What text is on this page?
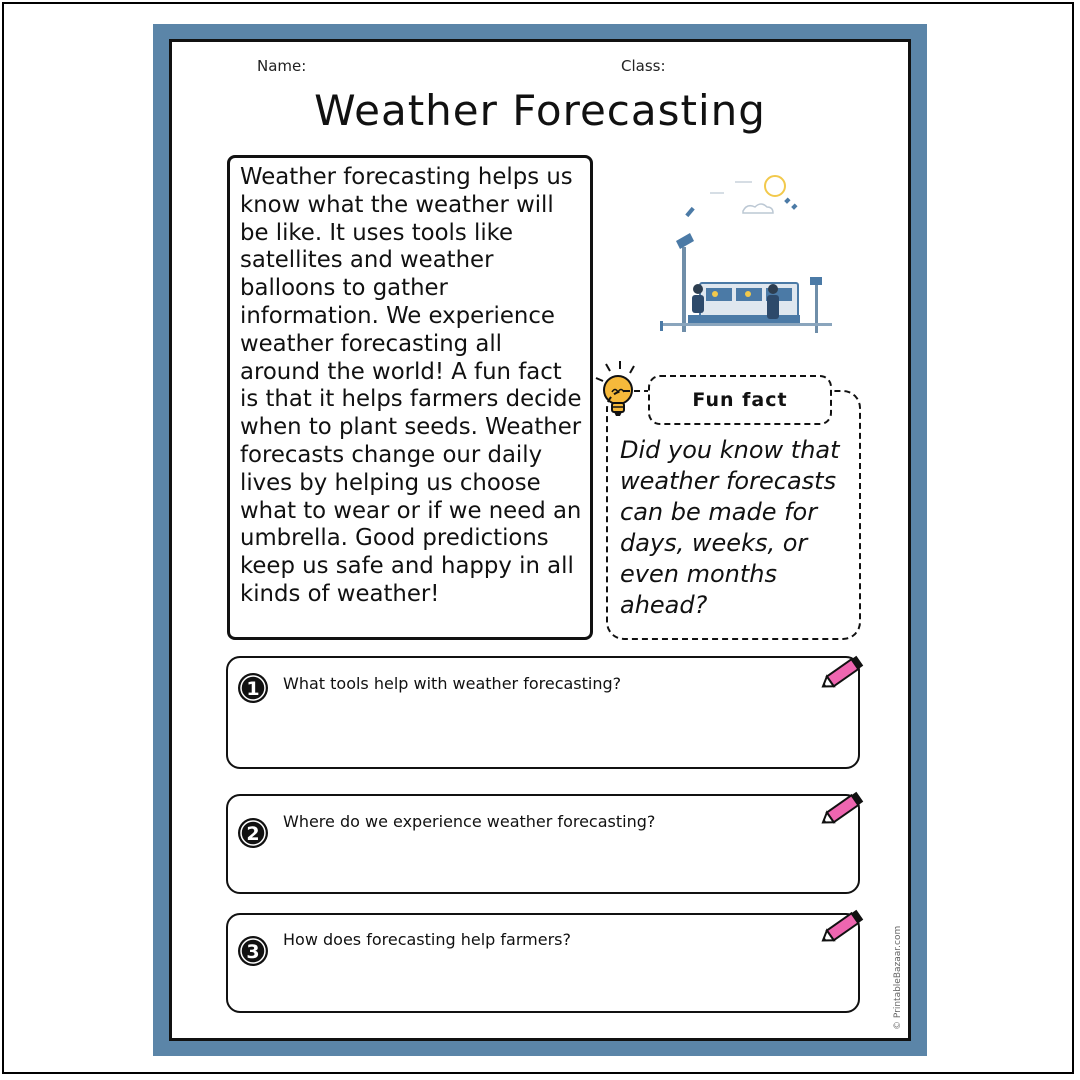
Name:	Class:
Weather Forecasting
Weather forecasting helps us know what the weather will be like. It uses tools like satellites and weather balloons to gather information. We experience weather forecasting all around the world! A fun fact is that it helps farmers decide when to plant seeds. Weather forecasts change our daily lives by helping us choose what to wear or if we need an umbrella. Good predictions keep us safe and happy in all kinds of weather!
Fun fact
Did you know that weather forecasts can be made for days, weeks, or even months ahead?
1 What tools help with weather forecasting?
2
Where do we experience weather forecasting?
3
How does forecasting help farmers?	© PrintableBazaar.com
